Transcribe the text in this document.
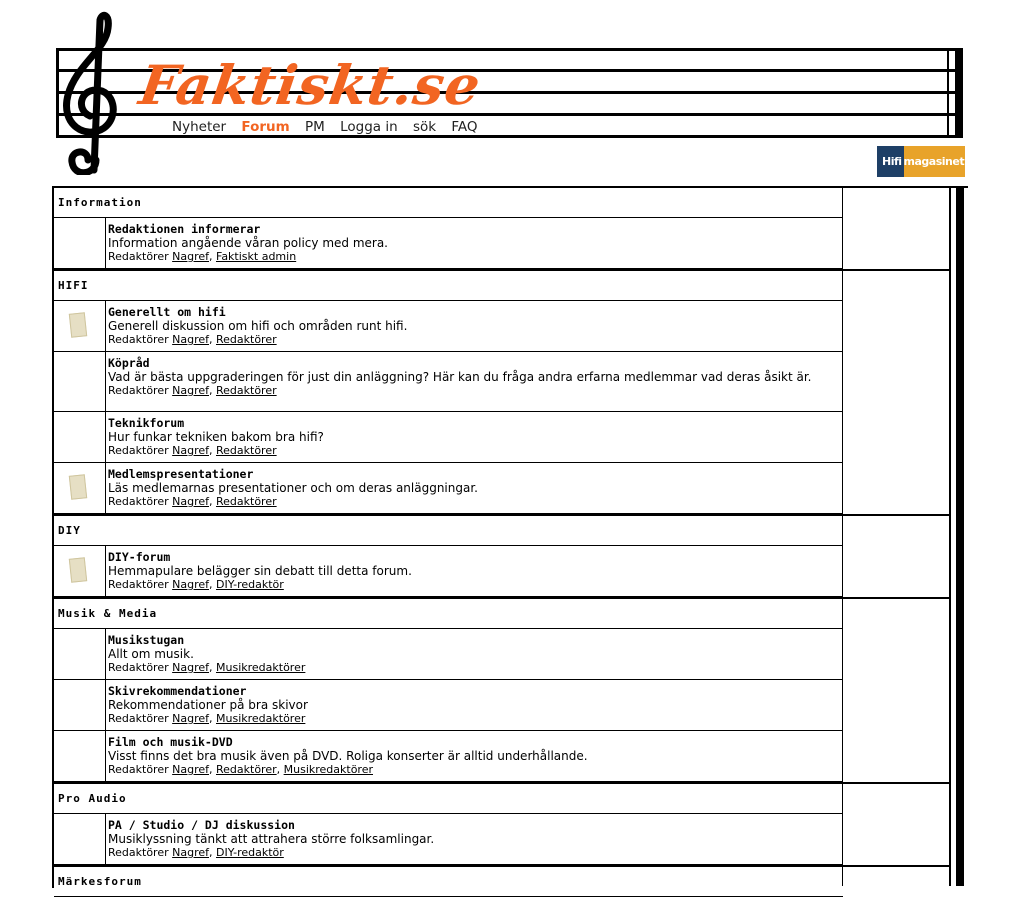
Faktiskt.se
Nyheter Forum PM Logga in sök FAQ
Hifi magasinet
Information
Redaktionen informerar
Information angående våran policy med mera.
Redaktörer Nagref, Faktiskt admin
HIFI
Generellt om hifi
Generell diskussion om hifi och områden runt hifi.
Redaktörer Nagref, Redaktörer
Köpråd
Vad är bästa uppgraderingen för just din anläggning? Här kan du fråga andra erfarna medlemmar vad deras åsikt är.
Redaktörer Nagref, Redaktörer
Teknikforum
Hur funkar tekniken bakom bra hifi?
Redaktörer Nagref, Redaktörer
Medlemspresentationer
Läs medlemarnas presentationer och om deras anläggningar.
Redaktörer Nagref, Redaktörer
DIY
DIY-forum
Hemmapulare belägger sin debatt till detta forum.
Redaktörer Nagref, DIY-redaktör
Musik & Media
Musikstugan
Allt om musik.
Redaktörer Nagref, Musikredaktörer
Skivrekommendationer
Rekommendationer på bra skivor
Redaktörer Nagref, Musikredaktörer
Film och musik-DVD
Visst finns det bra musik även på DVD. Roliga konserter är alltid underhållande.
Redaktörer Nagref, Redaktörer, Musikredaktörer
Pro Audio
PA / Studio / DJ diskussion
Musiklyssning tänkt att attrahera större folksamlingar.
Redaktörer Nagref, DIY-redaktör
Märkesforum
